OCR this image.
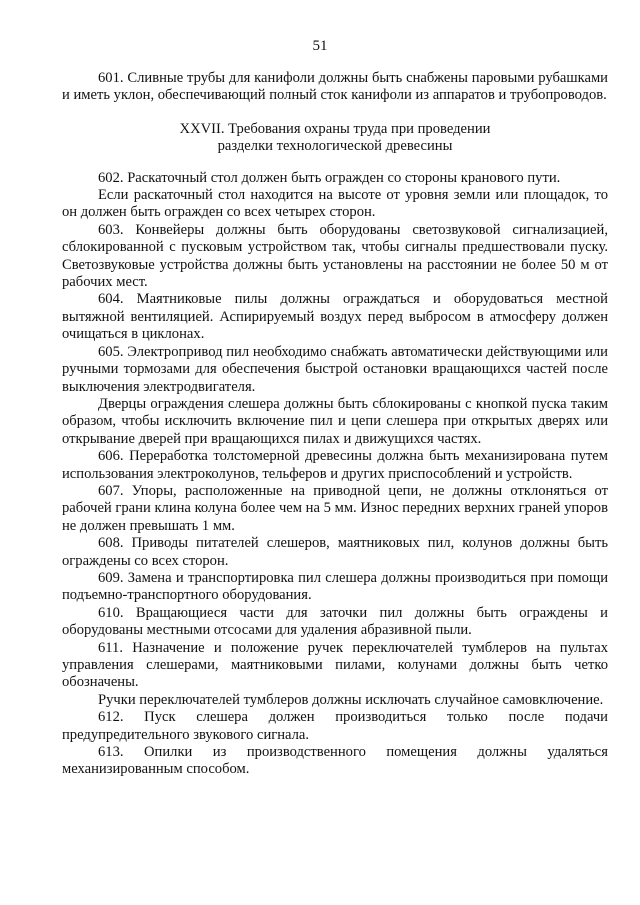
51

601. Сливные трубы для канифоли должны быть снабжены паровыми рубашками и иметь уклон, обеспечивающий полный сток канифоли из аппаратов и трубопроводов.

XXVII. Требования охраны труда при проведении
разделки технологической древесины

602. Раскаточный стол должен быть огражден со стороны кранового пути.

Если раскаточный стол находится на высоте от уровня земли или площадок, то он должен быть огражден со всех четырех сторон.

603. Конвейеры должны быть оборудованы светозвуковой сигнализацией, сблокированной с пусковым устройством так, чтобы сигналы предшествовали пуску. Светозвуковые устройства должны быть установлены на расстоянии не более 50 м от рабочих мест.

604. Маятниковые пилы должны ограждаться и оборудоваться местной вытяжной вентиляцией. Аспирируемый воздух перед выбросом в атмосферу должен очищаться в циклонах.

605. Электропривод пил необходимо снабжать автоматически действующими или ручными тормозами для обеспечения быстрой остановки вращающихся частей после выключения электродвигателя.

Дверцы ограждения слешера должны быть сблокированы с кнопкой пуска таким образом, чтобы исключить включение пил и цепи слешера при открытых дверях или открывание дверей при вращающихся пилах и движущихся частях.

606. Переработка толстомерной древесины должна быть механизирована путем использования электроколунов, тельферов и других приспособлений и устройств.

607. Упоры, расположенные на приводной цепи, не должны отклоняться от рабочей грани клина колуна более чем на 5 мм. Износ передних верхних граней упоров не должен превышать 1 мм.

608. Приводы питателей слешеров, маятниковых пил, колунов должны быть ограждены со всех сторон.

609. Замена и транспортировка пил слешера должны производиться при помощи подъемно-транспортного оборудования.

610. Вращающиеся части для заточки пил должны быть ограждены и оборудованы местными отсосами для удаления абразивной пыли.

611. Назначение и положение ручек переключателей тумблеров на пультах управления слешерами, маятниковыми пилами, колунами должны быть четко обозначены.

Ручки переключателей тумблеров должны исключать случайное самовключение.

612. Пуск слешера должен производиться только после подачи предупредительного звукового сигнала.

613. Опилки из производственного помещения должны удаляться механизированным способом.
